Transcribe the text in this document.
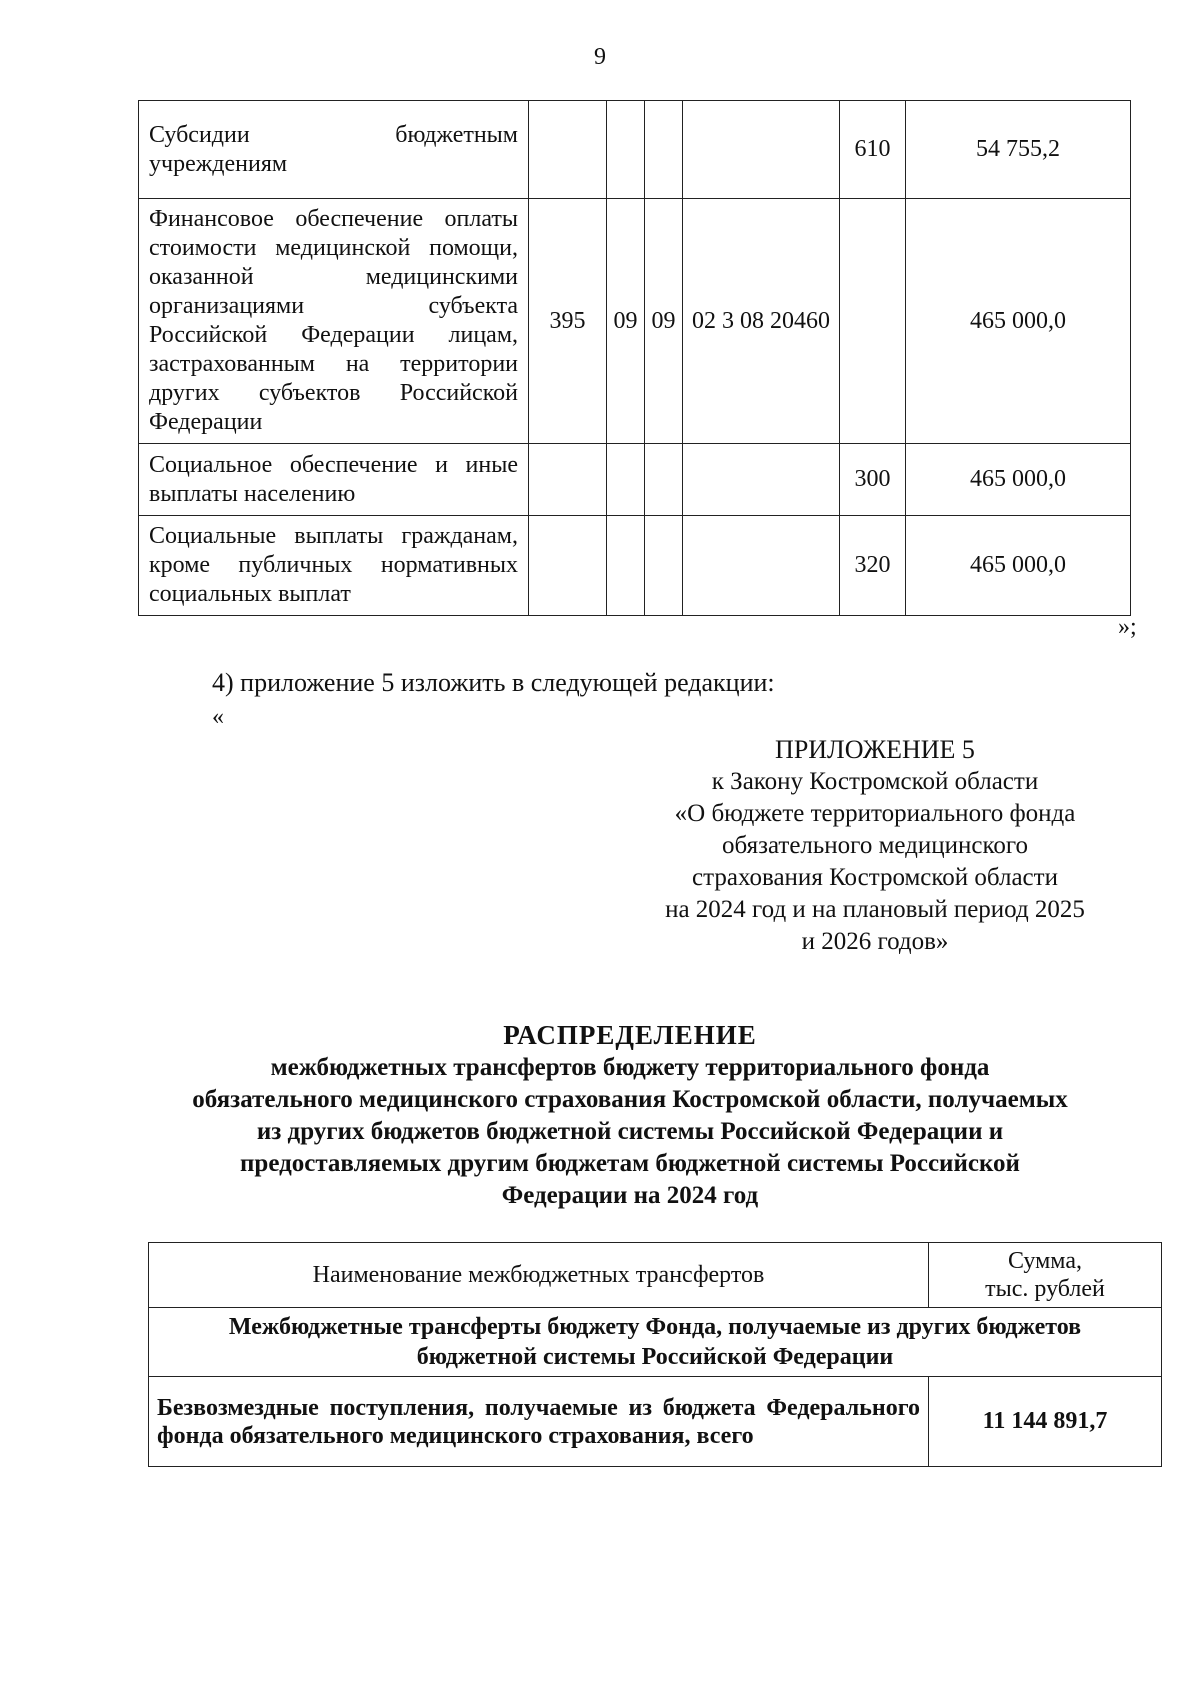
9
Субсидии бюджетным учреждениям					610	54 755,2
Финансовое обеспечение оплаты стоимости медицинской помощи, оказанной медицинскими организациями субъекта Российской Федерации лицам, застрахованным на территории других субъектов Российской Федерации	395	09	09	02 3 08 20460		465 000,0
Социальное обеспечение и иные выплаты населению					300	465 000,0
Социальные выплаты гражданам, кроме публичных нормативных социальных выплат					320	465 000,0
»;
4) приложение 5 изложить в следующей редакции:
«
ПРИЛОЖЕНИЕ 5
к Закону Костромской области
«О бюджете территориального фонда
обязательного медицинского
страхования Костромской области
на 2024 год и на плановый период 2025
и 2026 годов»
РАСПРЕДЕЛЕНИЕ
межбюджетных трансфертов бюджету территориального фонда
обязательного медицинского страхования Костромской области, получаемых
из других бюджетов бюджетной системы Российской Федерации и
предоставляемых другим бюджетам бюджетной системы Российской
Федерации на 2024 год
Наименование межбюджетных трансфертов	Сумма,
тыс. рублей

Межбюджетные трансферты бюджету Фонда, получаемые из других бюджетов
бюджетной системы Российской Федерации	

Безвозмездные поступления, получаемые из бюджета Федерального фонда обязательного медицинского страхования, всего	11 144 891,7
